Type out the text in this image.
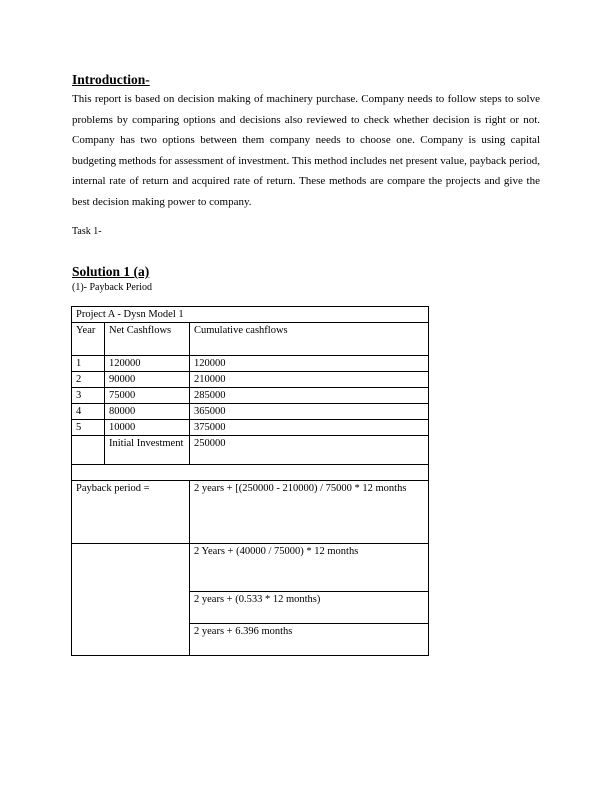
Introduction-
This report is based on decision making of machinery purchase. Company needs to follow steps to solve problems by comparing options and decisions also reviewed to check whether decision is right or not. Company has two options between them company needs to choose one. Company is using capital budgeting methods for assessment of investment. This method includes net present value, payback period, internal rate of return and acquired rate of return. These methods are compare the projects and give the best decision making power to company.
Task 1-
Solution 1 (a)
(1)- Payback Period
Project A - Dysn Model 1		
Year	Net Cashflows	Cumulative cashflows
1	120000	120000
2	90000	210000
3	75000	285000
4	80000	365000
5	10000	375000
	Initial Investment	250000

Payback period =		2 years + [(250000 - 210000) / 75000 * 12 months
		2 Years + (40000 / 75000) * 12 months
		2 years + (0.533 * 12 months)
		2 years + 6.396 months
